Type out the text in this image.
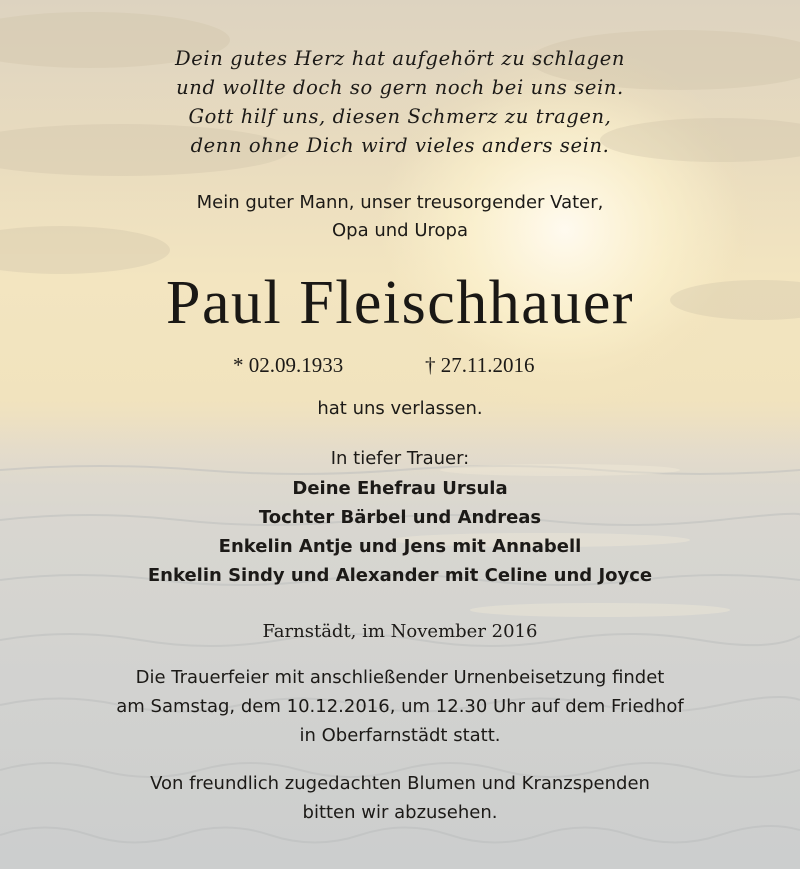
Dein gutes Herz hat aufgehört zu schlagen
und wollte doch so gern noch bei uns sein.
Gott hilf uns, diesen Schmerz zu tragen,
denn ohne Dich wird vieles anders sein.
Mein guter Mann, unser treusorgender Vater,
Opa und Uropa
Paul Fleischhauer
* 02.09.1933	† 27.11.2016
hat uns verlassen.
In tiefer Trauer:
Deine Ehefrau Ursula
Tochter Bärbel und Andreas
Enkelin Antje und Jens mit Annabell
Enkelin Sindy und Alexander mit Celine und Joyce
Farnstädt, im November 2016
Die Trauerfeier mit anschließender Urnenbeisetzung findet
am Samstag, dem 10.12.2016, um 12.30 Uhr auf dem Friedhof
in Oberfarnstädt statt.
Von freundlich zugedachten Blumen und Kranzspenden
bitten wir abzusehen.
